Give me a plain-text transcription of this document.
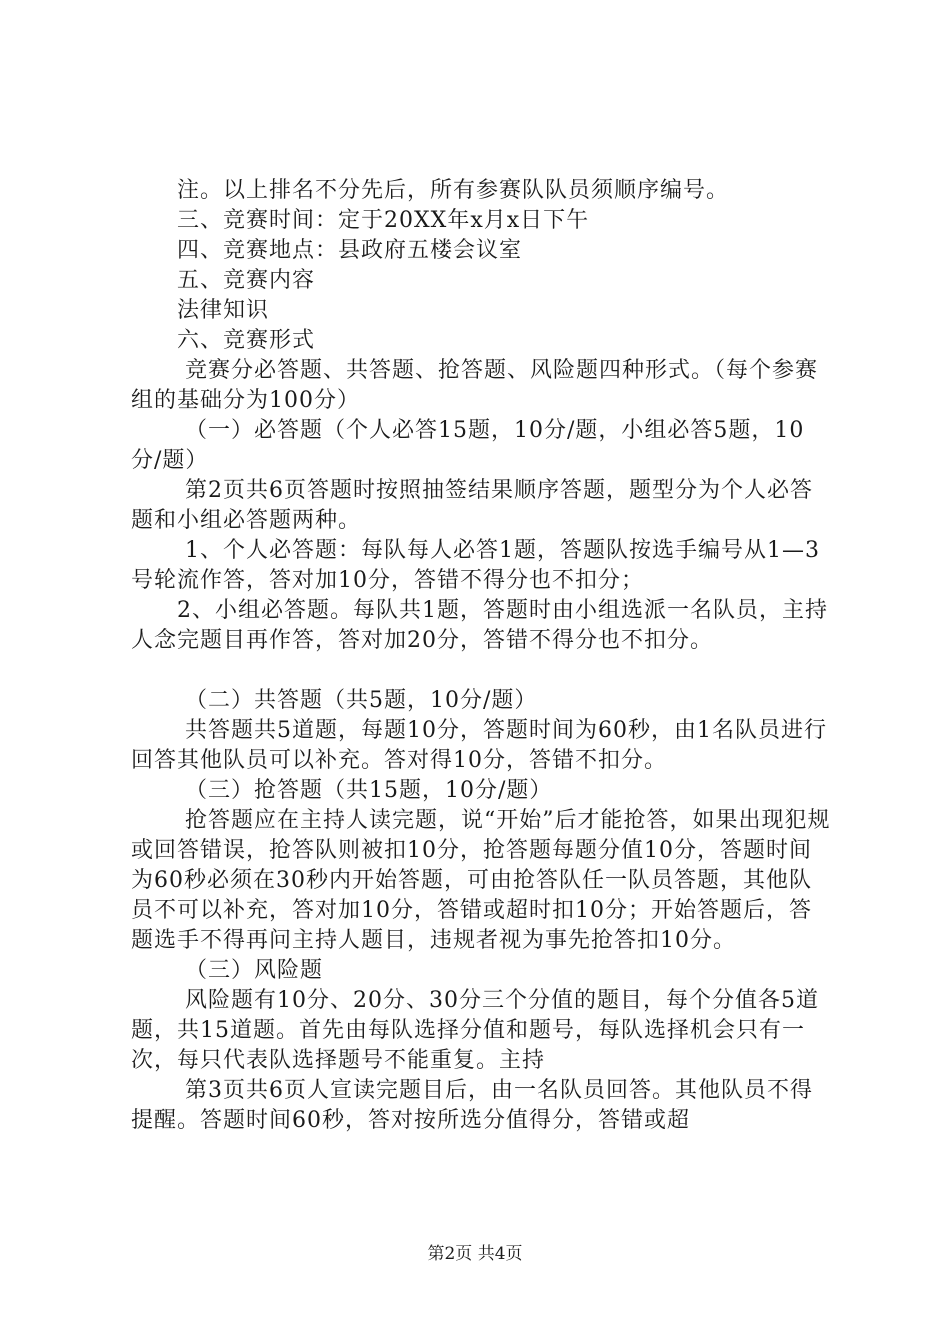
注。以上排名不分先后，所有参赛队队员须顺序编号。

三、竞赛时间：定于20XX年x月x日下午

四、竞赛地点：县政府五楼会议室

五、竞赛内容

法律知识

六、竞赛形式

竞赛分必答题、共答题、抢答题、风险题四种形式。（每个参赛组的基础分为100分）

（一）必答题（个人必答15题，10分/题，小组必答5题，10分/题）

第2页共6页答题时按照抽签结果顺序答题，题型分为个人必答题和小组必答题两种。

1、个人必答题：每队每人必答1题，答题队按选手编号从1—3号轮流作答，答对加10分，答错不得分也不扣分；

2、小组必答题。每队共1题，答题时由小组选派一名队员，主持人念完题目再作答，答对加20分，答错不得分也不扣分。

（二）共答题（共5题，10分/题）

共答题共5道题，每题10分，答题时间为60秒，由1名队员进行回答其他队员可以补充。答对得10分，答错不扣分。

（三）抢答题（共15题，10分/题）

抢答题应在主持人读完题，说“开始”后才能抢答，如果出现犯规或回答错误，抢答队则被扣10分，抢答题每题分值10分，答题时间为60秒必须在30秒内开始答题，可由抢答队任一队员答题，其他队员不可以补充，答对加10分，答错或超时扣10分；开始答题后，答题选手不得再问主持人题目，违规者视为事先抢答扣10分。

（三）风险题

风险题有10分、20分、30分三个分值的题目，每个分值各5道题，共15道题。首先由每队选择分值和题号，每队选择机会只有一次，每只代表队选择题号不能重复。主持

第3页共6页人宣读完题目后，由一名队员回答。其他队员不得提醒。答题时间60秒，答对按所选分值得分，答错或超

第2页 共4页
